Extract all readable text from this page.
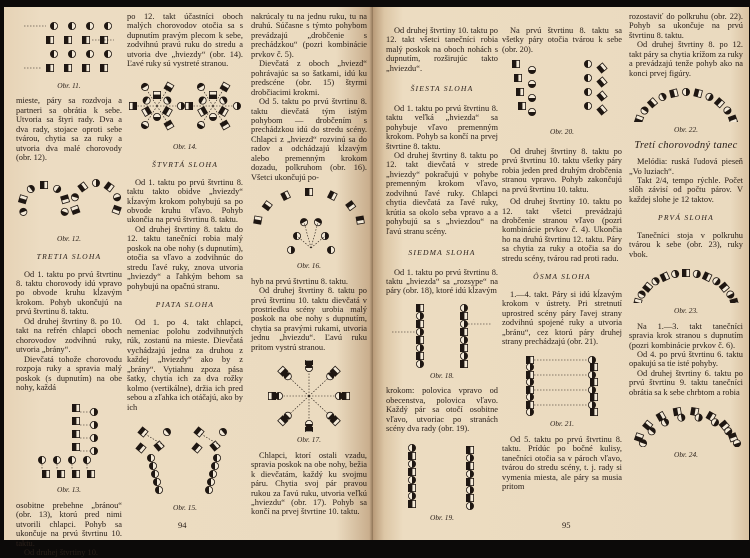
Obr. 11.

mieste, páry sa rozdvoja a partneri sa obrátia k sebe. Utvoria sa štyri rady. Dva a dva rady, stojace oproti sebe tvárou, chytia sa za ruky a utvoria dva malé chorovody (obr. 12).

Obr. 12.
TRETIA SLOHA

Od 1. taktu po prvú štvrtinu 8. taktu chorovody idú vpravo po obvode kruhu kĺzavým krokom. Pohyb ukončujú na prvú štvrtinu 8. taktu.

Od druhej štvrtiny 8. po 10. takt na refrén chlapci oboch chorovodov zodvihnú ruky, utvoria „brány“.

Dievčatá tohože chorovodu rozpoja ruky a spravia malý poskok (s dupnutím) na obe nohy, každá

Obr. 13.

osobitne prebehne „bránou“ (obr. 13), ktorú pred nimi utvorili chlapci. Pohyb sa ukončuje na prvú štvrtinu 10. taktu.

Od druhej štvrtiny 10.

po 12. takt účastníci oboch malých chorovodov otočia sa s dupnutím pravým plecom k sebe, zodvihnú pravú ruku do stredu a utvoria dve „hviezdy“ (obr. 14). Ľavé ruky sú vystreté stranou.

Obr. 14.
ŠTVRTÁ SLOHA

Od 1. taktu po prvú štvrtinu 8. taktu takto obidve „hviezdy“ kĺzavým krokom pohybujú sa po obvode kruhu vľavo. Pohyb ukončia na prvú štvrtinu 8. taktu.

Od druhej štvrtiny 8. taktu do 12. taktu tanečníci robia malý poskok na obe nohy (s dupnutím), otočia sa vľavo a zodvihnúc do stredu ľavé ruky, znova utvoria „hviezdy“ a ľahkým behom sa pohybujú na opačnú stranu.

PIATA SLOHA

Od 1. po 4. takt chlapci, nemeniac polohu zodvihnutých rúk, zostanú na mieste. Dievčatá vychádzajú jedna za druhou z každej „hviezdy“ ako by z „brány“. Vytiahnu zpoza pása šatky, chytia ich za dva rožky kolmo (vertikálne), držia ich pred sebou a zľahka ich otáčajú, ako by ich

Obr. 15.

nakrúcaly tu na jednu ruku, tu na druhú. Súčasne s týmto pohybom prevádzajú „drobčenie s prechádzkou“ (pozri kombinácie prvkov č. 5).

Dievčatá z oboch „hviezd“ pohrávajúc sa so šatkami, idú ku predscéne (obr. 15) štyrmi drobčiacimi krokmi.

Od 5. taktu po prvú štvrtinu 8. taktu dievčatá tým istým pohybom — drobčením s prechádzkou idú do stredu scény. Chlapci z „hviezd“ rozvinú sa do radov a odchádzajú kĺzavým alebo premenným krokom dozadu, polkruhom (obr. 16). Všetci ukončujú po-

Obr. 16.

hyb na prvú štvrtinu 8. taktu.

Od druhej štvrtiny 8. taktu po prvú štvrtinu 10. taktu dievčatá v prostriedku scény urobia malý poskok na obe nohy s dupnutím, chytia sa pravými rukami, utvoria jednu „hviezdu“. Ľavú ruku pritom vystrú stranou.

Obr. 17.

Chlapci, ktorí ostali vzadu, spravia poskok na obe nohy, bežia k dievčatám, každý ku svojmu páru. Chytia svoj pár pravou rukou za ľavú ruku, utvoria veľkú „hviezdu“ (obr. 17). Pohyb sa končí na prvej štvrtine 10. taktu.

94

Od druhej štvrtiny 10. taktu po 12. takt všetci tanečníci robia malý poskok na oboch nohách s dupnutím, rozširujúc takto „hviezdu“.

ŠIESTA SLOHA

Od 1. taktu po prvú štvrtinu 8. taktu veľká „hviezda“ sa pohybuje vľavo premenným krokom. Pohyb sa končí na prvej štvrtine 8. taktu.

Od druhej štvrtiny 8. taktu po 12. takt dievčatá v strede „hviezdy“ pokračujú v pohybe premenným krokom vľavo, zodvihnú ľavé ruky. Chlapci chytia dievčatá za ľavé ruky, krútia sa okolo seba vpravo a a pohybujú sa s „hviezdou“ na ľavú stranu scény.

SIEDMA SLOHA

Od 1. taktu po prvú štvrtinu 8. taktu „hviezda“ sa „rozsype“ na páry (obr. 18), ktoré idú kĺzavým

Obr. 18.

krokom: polovica vpravo od obecenstva, polovica vľavo. Každý pár sa otočí osobitne vľavo, utvoriac po stranách scény dva rady (obr. 19).

Obr. 19.

Na prvú štvrtinu 8. taktu sa všetky páry otočia tvárou k sebe (obr. 20).

Obr. 20.

Od druhej štvrtiny 8. taktu po prvú štvrtinu 10. taktu všetky páry robia jeden pred druhým drobčenia stranou vpravo. Pohyb zakončujú na prvú štvrtinu 10. taktu.

Od druhej štvrtiny 10. taktu po 12. takt všetci prevádzajú drobčenie stranou vľavo (pozri kombinácie prvkov č. 4). Ukončia ho na druhú štvrtinu 12. taktu. Páry sa chytia za ruky a otočia sa do stredu scény, tvárou rad proti radu.

ÔSMA SLOHA

1.—4. takt. Páry si idú kĺzavým krokom v ústrety. Pri stretnutí uprostred scény páry ľavej strany zodvihnú spojené ruky a utvoria „bránu“, cez ktorú páry druhej strany prechádzajú (obr. 21).

Obr. 21.

Od 5. taktu po prvú štvrtinu 8. taktu. Prídúc po bočné kulisy, tanečníci otočia sa v pároch vľavo, tvárou do stredu scény, t. j. rady si vymenia miesta, ale páry sa musia pritom

95

rozostaviť do polkruhu (obr. 22). Pohyb sa ukončuje na prvú štvrtinu 8. taktu.

Od druhej štvrtiny 8. po 12. takt páry sa chytia krížom za ruky a prevádzajú tenže pohyb ako na konci prvej figúry.

Obr. 22.
Tretí chorovodný tanec

Melódia: ruská ľudová pieseň „Vo luziach“.

Takt 2/4, tempo rýchle. Počet slôh závisí od počtu párov. V každej slohe je 12 taktov.

PRVÁ SLOHA

Tanečníci stoja v polkruhu tvárou k sebe (obr. 23), ruky vbok.

Obr. 23.

Na 1.—3. takt tanečníci spravia krok stranou s dupnutím (pozri kombinácie prvkov č. 6).

Od 4. po prvú štvrtinu 6. taktu opakujú sa tie isté pohyby.

Od druhej štvrtiny 6. taktu po prvú štvrtinu 9. taktu tanečníci obrátia sa k sebe chrbtom a robia

Obr. 24.
